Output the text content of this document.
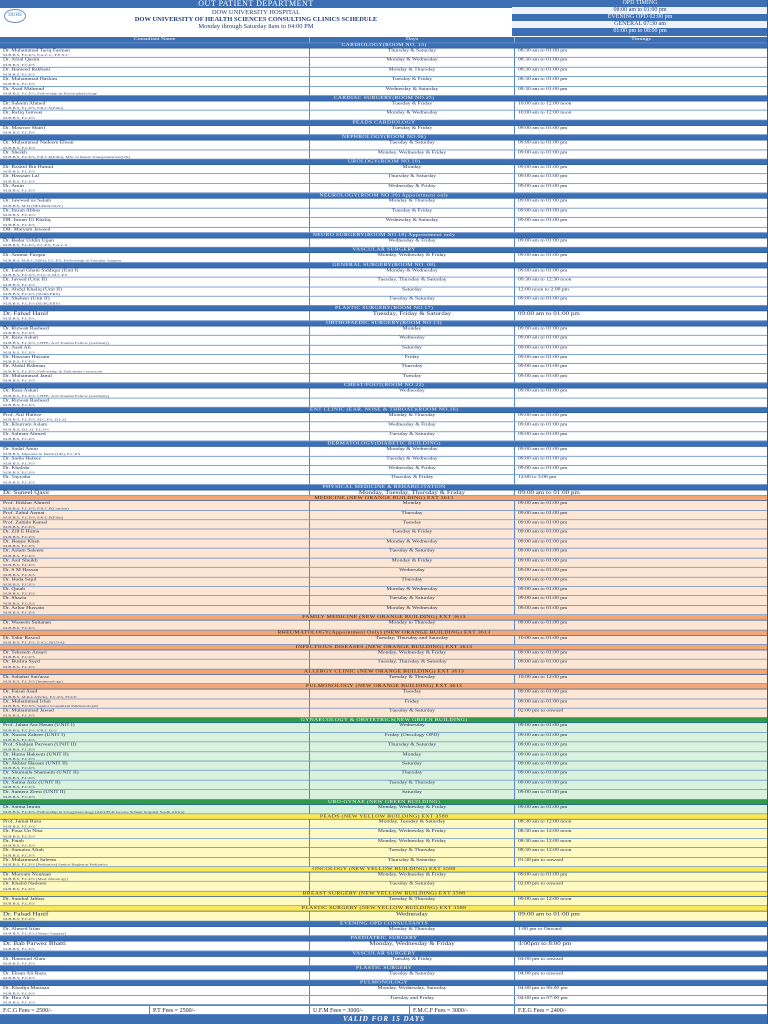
OUT PATIENT DEPARTMENT
DUHS	DOW UNIVERSITY HOSPITAL
DOW UNIVERSITY OF HEALTH SCIENCES CONSULTING CLINICS SCHEDULE
Monday through Saturday 8am to 04:00 PM
OPD TIMING
08:00 am to 01:00 pm
EVENING OPD 02:00 pm
GENERAL 07:30 am
01:00 pm to 08:00 pm
Consultant Name	Days	Timings
CARDIOLOGY(ROOM NO. 15)
Dr. Muhammad Tariq Farman
M.B.B.S, F.C.P.S, F.A.C.C, F.E.S.C
Thursday & Saturday	08:30 am to 01:00 pm
Dr. Afzal Qasim
M.B.B.S, F.C.P.S
Monday & Wednesday	08:30 am to 01:00 pm
Dr. Hameed Rabbani
M.B.B.S, F.C.P.S
Monday & Thursday	08:30 am to 01:00 pm
Dr. Muhammad Hashim
M.B.B.S, F.C.P.S
Tuesday & Friday	08:30 am to 01:00 pm
Dr. Asad Mahmud
M.B.B.S, F.C.P.S, Fellowship in Electrophysiology
Wednesday & Saturday	08:30 am to 01:00 pm
CARDIAC SURGERY(ROOM NO.25)
Dr. Saleem Ahmed
M.B.B.S, F.C.P.S, F.R.C.S(Edin)
Tuesday & Friday	10:00 am to 12:00 noon
Dr. Rafiq Tanveer
M.B.B.S, F.C.P.S
Monday & Wednesday	10:00 am to 12:00 noon
PEADS CARDIOLOGY
Dr. Masroor Sharif
M.B.B.S, F.C.P.S
Tuesday & Friday	09:00 am to 01:00 pm
NEPHROLOGY(ROOM NO.06)
Dr. Muhammad Nadeem Ehsan
M.B.B.S, F.C.P.S
Tuesday & Saturday	09:00 am to 01:00 pm
Dr. Sheikh
M.B.B.S, F.C.P.S, F.R.C.P(Edin), MSc in Renal Transplantation(UK)
Monday, Wednesday & Friday	09:00 am to 01:00 pm
UROLOGY(ROOM NO.10)
Dr. Rashid Bin Hamid
M.B.B.S, F.C.P.S
Monday	09:00 am to 01:00 pm
Dr. Hassaan Lal
M.B.B.S, F.C.P.S
Thursday & Saturday	09:00 am to 01:00 pm
Dr. Amin
M.B.B.S, F.C.P.S
Wednesday & Friday	09:00 am to 01:00 pm
NEUROLOGY(ROOM NO.30) Appointment only
Dr. Jawwad us Salam
M.B.B.S, M.D (NEUROLOGY)
Monday & Thursday	09:00 am to 01:00 pm
Dr. Imran Abbas
M.B.B.S, F.C.P.S
Tuesday & Friday	09:00 am to 01:00 pm
DR. Imran Ul Khaliq
M.B.B.S, F.C.P.S
Wednesday & Saturday	09:00 am to 01:00 pm
DR. Maryam Jaweed
NEURO SURGERY(ROOM NO.18) Appointment only
Dr. Badar Uddin Ujjan
M.B.B.S, F.C.P.S, F.C.P.S, F.A.C.S
Wednesday & Friday	09:00 am to 01:00 pm
VASCULAR SURGERY
Dr. Ammar Furqan
M.B.B.S, M.R.C.S(Ed), F.C.P.S, Fellowship in Vascular Surgery
Monday, Wednesday & Friday	09:00 am to 01:00 pm
GENERAL SURGERY(ROOM NO. 08)
Dr. Faisal Ghani Siddiqui (Unit I)
M.B.B.S, F.C.P.S, F.I.C.S, M.C.P.S
Monday & Wednesday	09:00 am to 01:00 pm
Dr. Javeed (Unit II)
M.B.B.S, F.C.P.S
Tuesday, Thursday & Saturday	09:30 am to 12:30 noon
Dr. Abdul Khaliq (Unit II)
M.B.B.S, F.C.P.S (SURGERY)
Saturday	12:00 noon to 2:00 pm
Dr. Shaheer (Unit II)
M.B.B.S, F.C.P.S (SURGERY)
Tuesday & Saturday	09:00 am to 01:00 pm
PLASTIC SURGERY(ROOM NO.17)
Dr. Fahad Hanif
M.B.B.S, F.C.P.S
Tuesday, Friday & Saturday	09:00 am to 01:00 pm
ORTHOPAEDIC SURGERY(ROOM NO.13)
Dr. Rizwan Rasheed
M.B.B.S, F.C.P.S
Monday	09:00 am to 01:00 pm
Dr. Raza Askari
M.B.B.S, F.C.P.S, CHFE, A.O Trauma Fellow (Germany)
Wednesday	09:00 am to 01:00 pm
Dr. Asad Ali
M.B.B.S, F.C.P.S
Saturday	09:00 am to 01:00 pm
Dr. Hassaan Hussain
M.B.B.S, F.C.P.S
Friday	09:00 am to 01:00 pm
Dr. Abdul Rahman
M.B.B.S, F.C.P.S, Fellowship in Deformity correction
Thursday	09:00 am to 01:00 pm
Dr. Muhammad Jamil
M.B.B.S, F.C.P.S
Tuesday	09:00 am to 01:00 pm
CHEST/FOOT(ROOM NO.22)
Dr. Raza Askari
M.B.B.S, F.C.P.S, CHFE, A.O Trauma Fellow (Germany)
Wednesday	09:00 am to 01:00 pm
Dr. Rizwan Rasheed
M.B.B.S, F.C.P.S
ENT CLINIC (EAR, NOSE & THROAT)(ROOM NO.16)
Prof. Atif Hafeez
M.B.B.S, F.C.P.S, M.C.P.S, D.L.O
Monday & Thursday	09:00 am to 01:00 pm
Dr. Khurram Aslam
M.B.B.S, D.L.O, F.C.P.S
Wednesday & Friday	09:00 am to 01:00 pm
Dr. Salman Ahmed
M.B.B.S, F.C.P.S
Tuesday & Saturday	09:00 am to 01:00 pm
DERMATOLOGY(DIABETIC BUILDING)
Dr. Sadaf Amin
M.B.B.S, Diploma in Derm (UK), F.C.P.S
Monday & Wednesday	09:00 am to 01:00 pm
Dr. Sadia Hafeez
M.B.B.S, F.C.P.S
Tuesday & Wednesday	09:00 am to 01:00 pm
Dr. Khalida
M.B.B.S, F.C.P.S
Wednesday & Friday	09:00 am to 01:00 pm
Dr. Tayyaba
M.B.B.S, F.C.P.S
Thursday & Friday	12:00 to 3:00 pm
PHYSICAL MEDICINE & REHABILITATION
Dr. Suneel Qasir	Monday, Tuesday, Thursday & Friday	09:00 am to 01:00 pm
MEDICINE (NEW ORANGE BUILDING) EXT 3613
Prof. Iftikhar Ahmed
M.B.B.S, F.C.P.S, F.R.C.P(London)
Monday	09:00 am to 01:00 pm
Prof. Zahid Azmat
M.B.B.S, F.C.P.S, F.R.C.P(Edin)
Thursday	09:00 am to 01:00 pm
Prof. Zahida Kamal
M.B.B.S, F.C.P.S
Tuesday	09:00 am to 01:00 pm
Dr. Zill E Huma
M.B.B.S, F.C.P.S
Tuesday & Friday	09:00 am to 01:00 pm
Dr. Haque Khan
M.B.B.S, F.C.P.S
Monday & Wednesday	09:00 am to 01:00 pm
Dr. Aslam Saleem
M.B.B.S, F.C.P.S
Tuesday & Saturday	09:00 am to 01:00 pm
Dr. Asif Sheikh
M.B.B.S, F.C.P.S
Monday & Friday	09:00 am to 01:00 pm
Dr. S M Hassan
M.B.B.S, F.C.P.S
Wednesday	09:00 am to 01:00 pm
Dr. Huda Sajid
M.B.B.S, F.C.P.S
Thursday	09:00 am to 01:00 pm
Dr. Qutab
M.B.B.S, F.C.P.S
Monday & Wednesday	09:00 am to 01:00 pm
Dr. Shazia
M.B.B.S, F.C.P.S
Tuesday & Saturday	09:00 am to 01:00 pm
Dr. Azhar Hussain
M.B.B.S, F.C.P.S
Monday & Wednesday	09:00 am to 01:00 pm
FAMILY MEDICINE (NEW ORANGE BUILDING) EXT 3613
Dr. Waseem Sultanan
M.B.B.S, F.C.P.S
Monday to Thursday	09:00 am to 01:00 pm
RHEUMATOLOGY(Appointment Only) (NEW ORANGE BUILDING) EXT 3613
Dr. Tahir Rasool
M.B.B.S, F.C.P.S, F.A.C.R(USA)
Tuesday, Thursday and Saturday	10:00 am to 01:00 pm
INFECTIOUS DISEASES (NEW ORANGE BUILDING) EXT 3613
Dr. Tehreem Ansari
M.B.B.S, F.C.P.S
Monday, Wednesday & Friday	09:00 am to 01:00 pm
Dr. Bushra Syed
M.B.B.S, F.C.P.S
Tuesday, Thursday & Saturday	09:00 am to 01:00 pm
ALLERGY CLINIC (NEW ORANGE BUILDING) EXT 3613
Dr. Sabahat Sarfaraz
M.B.B.S, F.C.P.S (Immunology)
Tuesday & Thursday	10:00 am to 12:00 pm
PULMONOLOGY (NEW ORANGE BUILDING) EXT 3613
Dr. Faisal Asad
M.B.B.S, M.R.C.P(UK), F.C.P.S, FCCP
Tuesday	09:00 am to 01:00 pm
Dr. Muhammad Irfan
M.B.B.S, F.C.P.S, Senior Consultant Pulmonologist
Friday	09:00 am to 01:00 pm
Dr. Muhammad Jawad
M.B.B.S, F.C.P.S
Tuesday & Saturday	02:00 pm to onward
GYNAECOLOGY & OBSTETRICS(NEW GREEN BUILDING)
Prof. Jahan Ara Hasan (UNIT I)
M.B.B.S, F.C.P.S, F.R.C.O.G
Wednesday	09:00 am to 01:00 pm
Dr. Nusrat Zaheer (UNIT I)
M.B.B.S, F.C.P.S
Friday (Oncology OPD)	09:00 am to 01:00 pm
Prof. Shahjan Parveen (UNIT II)
M.B.B.S, F.C.P.S
Thursday & Saturday	09:00 am to 01:00 pm
Dr. Huma Hakeem (UNIT II)
M.B.B.S, F.C.P.S
Monday	09:00 am to 01:00 pm
Dr. Akhtar Hassan (UNIT II)
M.B.B.S, F.C.P.S
Saturday	09:00 am to 01:00 pm
Dr. Shumaila Shamaim (UNIT II)
M.B.B.S, F.C.P.S
Thursday	09:00 am to 01:00 pm
Dr. Saima Aziz (UNIT II)
M.B.B.S, F.C.P.S
Tuesday & Thursday	09:00 am to 01:00 pm
Dr. Sumera Zeest (UNIT II)
M.B.B.S, F.C.P.S
Saturday	09:00 am to 01:00 pm
URO-GYNAE (NEW GREEN BUILDING)
Dr. Saima Imran
M.B.B.S, F.C.P.S, Fellowship in Urogynaecology (AKUH & Groote Schuur hospital South Africa)
Monday, Wednesday & Friday	09:00 am to 01:00 pm
PEADS (NEW YELLOW BUILDING) EXT 3588
Prof. Jamal Raza
M.B.B.S, F.C.P.S
Monday, Tuesday & Saturday	08:30 am to 12:00 noon
Dr. Fouz Un Nisa
M.B.B.S, F.C.P.S
Monday, Wednesday & Friday	08:30 am to 12:00 noon
Dr. Fatah
M.B.B.S, F.C.P.S
Monday, Wednesday & Friday	08:30 am to 12:00 noon
Dr. Sumaira Aftab
M.B.B.S, F.C.P.S
Tuesday & Thursday	08:30 am to 12:00 noon
Dr. Muhammad Saleem
M.B.B.S, F.C.P.S (Pediatrics) Senior Registrar Pediatrics
Thursday & Saturday	01:30 pm to onward
ONCOLOGY (NEW YELLOW BUILDING) EXT 3588
Dr. Maryam Nouman
M.B.B.S, F.C.P.S (Med. Oncology)
Monday, Wednesday & Friday	09:00 am to 01:00 pm
Dr. Khalid Nadeem
M.B.B.S, F.C.P.S
Tuesday & Saturday	02:00 pm to onward
BREAST SURGERY (NEW YELLOW BUILDING) EXT 3588
Dr. Sumbal Jabbar
M.B.B.S, F.C.P.S
Tuesday & Thursday	09:00 am to 12:00 noon
PLASTIC SURGERY (NEW YELLOW BUILDING) EXT 3588
Dr. Fahad Hanif
M.B.B.S, F.C.P.S
Wednesday	09:00 am to 01:00 pm
EVENING OPD CONSULTANTS
Dr. Ahmed Irfan
M.B.B.S, F.C.P.S (Neuro Surgery)
Monday & Thursday	1:00 pm to Onward
PAEDIATRIC SURGERY
Dr. Bab Parwez Bhatti
M.B.B.S, F.C.P.S
Monday, Wednesday & Friday	4:00pm to 8:00 pm
VASCULAR SURGERY
Dr. Hammad Alam
M.B.B.S, F.C.P.S
Tuesday & Friday	04:00 pm to onward
PLASTIC SURGERY
Dr. Ehsan Ali Raza
M.B.B.S, F.C.P.S
Tuesday & Saturday	04:00 pm to onward
PULMONOLOGY
Dr. Khadija Murtaza
M.B.B.S, F.C.P.S
Monday, Wednesday, Saturday	04:00 pm to 06:00 pm
Dr. Hira Ali
M.B.B.S, F.C.P.S
Tuesday and Friday	04:00 pm to 07:00 pm
F.C.G Fees = 2500/-	P.T Fees = 2500/-	U.F.M Fees = 3000/-	F.M.C.F Fees = 3000/-	F.E.G Fees = 2400/-
VALID FOR 15 DAYS
